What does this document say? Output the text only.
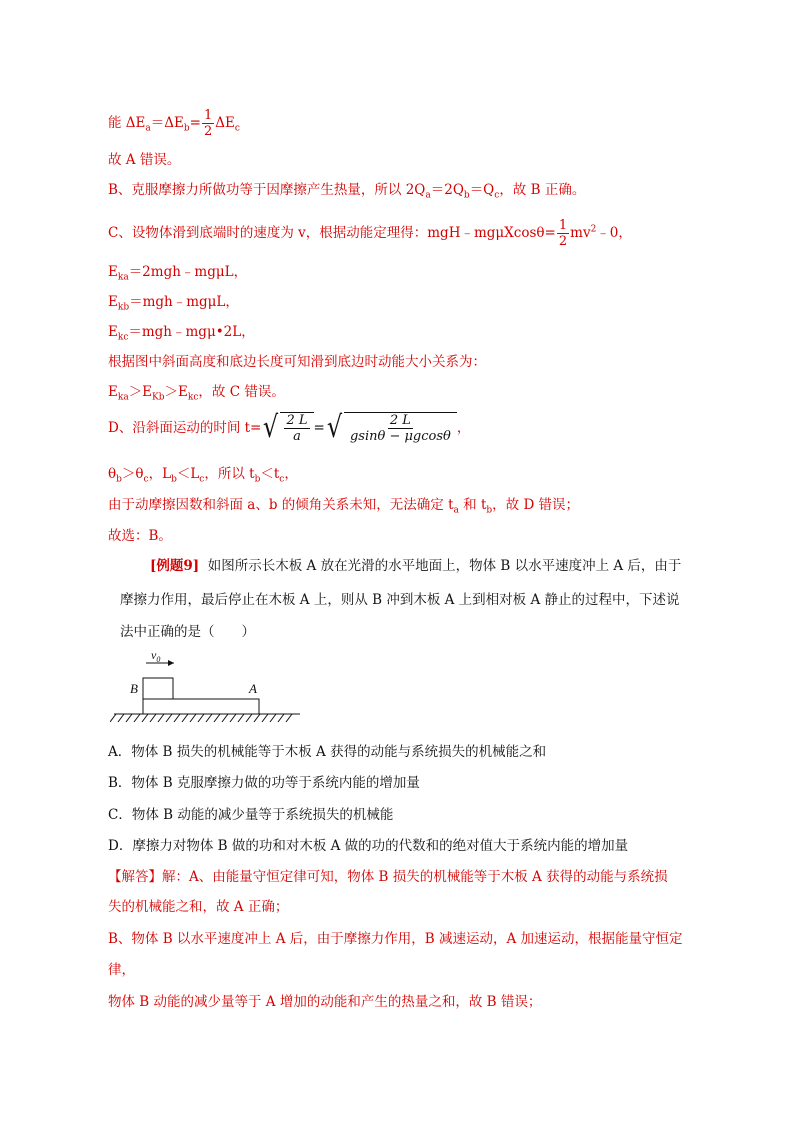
能 $\Delta E_a=\Delta E_b= \frac{1}{2} \Delta E_c$
故 A 错误。
B、克服摩擦力所做功等于因摩擦产生热量，所以 $2Q_a=2Q_b=Q_c$，故 B 正确。
C、设物体滑到底端时的速度为 v，根据动能定理得：mgH﹣mgμXcosθ= $\frac{1}{2}$ $mv^2﹣0$，
$E_{ka}=2mgh﹣mg\mu L$，
$E_{kb}=mgh﹣mg\mu L$，
$E_{kc}=mgh﹣mg\mu•2L$，
根据图中斜面高度和底边长度可知滑到底边时动能大小关系为：
$E_{ka}>E_{Kb}>E_{kc}$，故 C 错误。
D、沿斜面运动的时间 t= √ $\frac{2 L}{a}$ = √ $\frac{2 L}{gsin\theta - \mu gcos\theta}$ ，
$\theta_b>\theta_c$，$L_b<L_c$，所以 $t_b<t_c$，
由于动摩擦因数和斜面 a、b 的倾角关系未知，无法确定 $t_a$ 和 $t_b$，故 D 错误；
故选：B。
[例题9] 如图所示长木板 A 放在光滑的水平地面上，物体 B 以水平速度冲上 A 后，由于
摩擦力作用，最后停止在木板 A 上，则从 B 冲到木板 A 上到相对板 A 静止的过程中，下述说
法中正确的是（　　）
$v_0$
B	A
A．物体 B 损失的机械能等于木板 A 获得的动能与系统损失的机械能之和
B．物体 B 克服摩擦力做的功等于系统内能的增加量
C．物体 B 动能的减少量等于系统损失的机械能
D．摩擦力对物体 B 做的功和对木板 A 做的功的代数和的绝对值大于系统内能的增加量
【解答】解：A、由能量守恒定律可知，物体 B 损失的机械能等于木板 A 获得的动能与系统损
失的机械能之和，故 A 正确；
B、物体 B 以水平速度冲上 A 后，由于摩擦力作用，B 减速运动，A 加速运动，根据能量守恒定
律，
物体 B 动能的减少量等于 A 增加的动能和产生的热量之和，故 B 错误；
